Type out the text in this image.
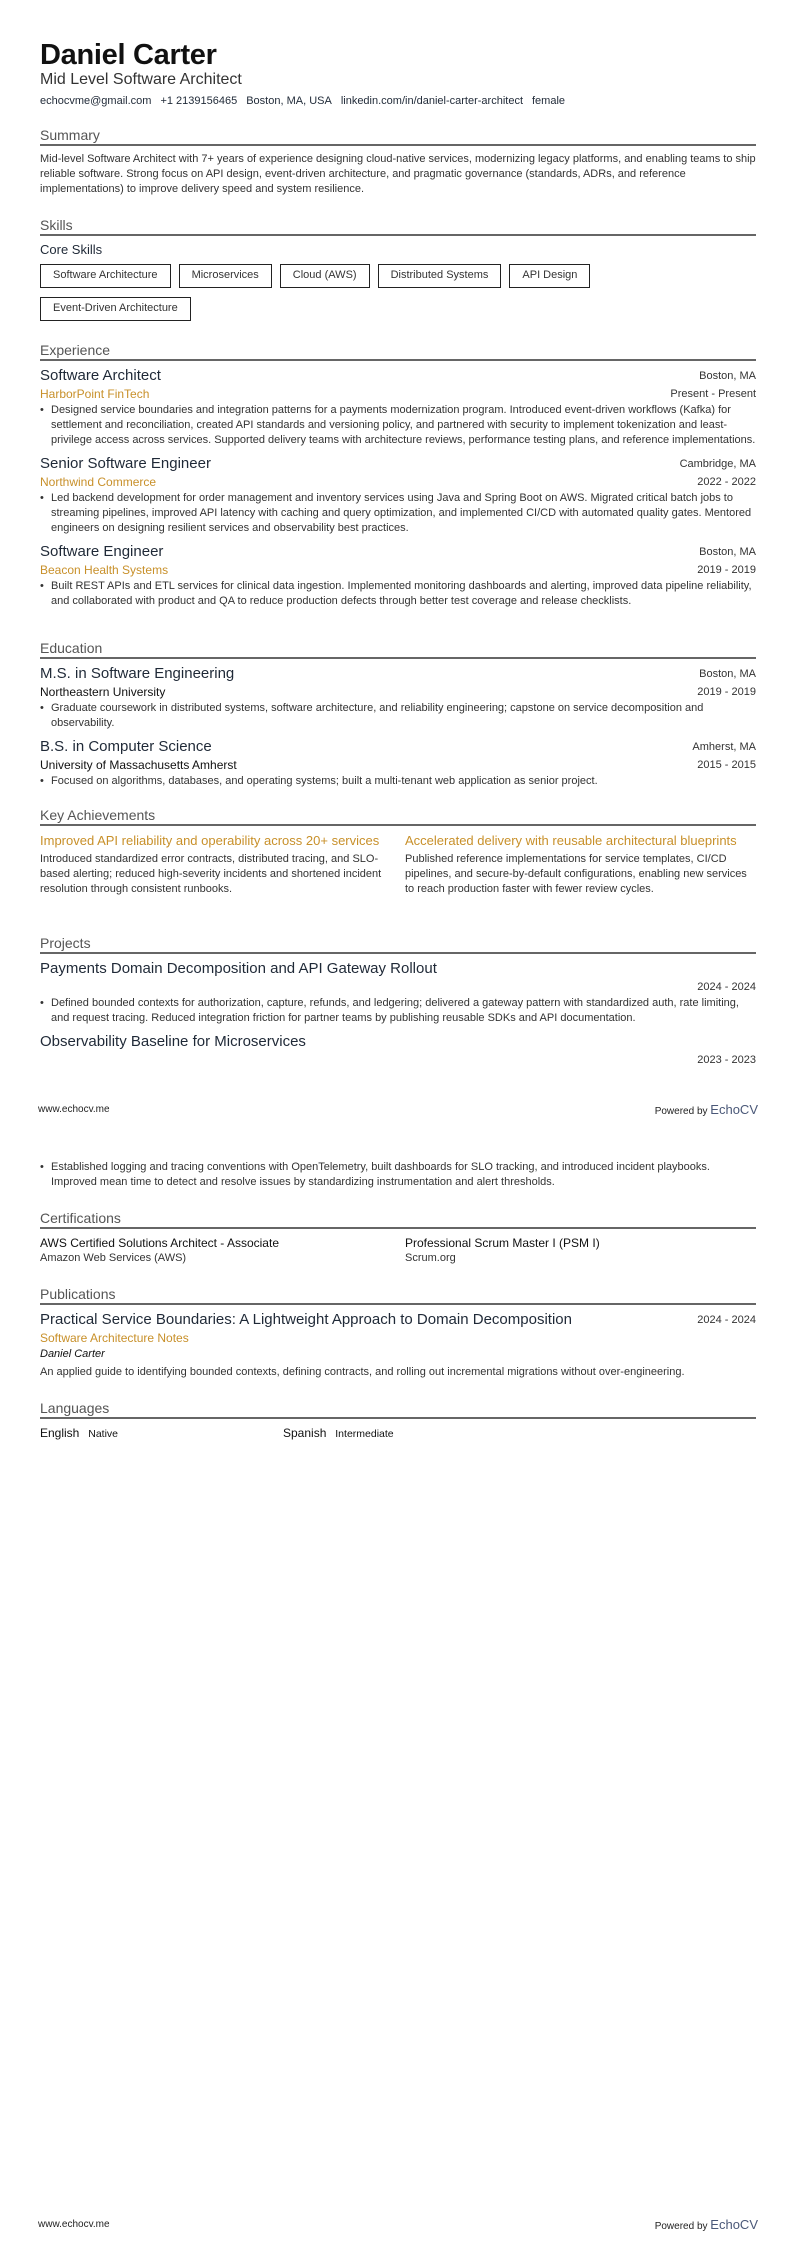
Daniel Carter
Mid Level Software Architect
echocvme@gmail.com +1 2139156465 Boston, MA, USA linkedin.com/in/daniel-carter-architect female
Summary
Mid-level Software Architect with 7+ years of experience designing cloud-native services, modernizing legacy platforms, and enabling teams to ship reliable software. Strong focus on API design, event-driven architecture, and pragmatic governance (standards, ADRs, and reference implementations) to improve delivery speed and system resilience.
Skills
Core Skills
Software Architecture	Microservices	Cloud (AWS)	Distributed Systems	API Design
Event-Driven Architecture
Experience
Software Architect	Boston, MA
HarborPoint FinTech	Present - Present
• Designed service boundaries and integration patterns for a payments modernization program. Introduced event-driven workflows (Kafka) for settlement and reconciliation, created API standards and versioning policy, and partnered with security to implement tokenization and least-privilege access across services. Supported delivery teams with architecture reviews, performance testing plans, and reference implementations.
Senior Software Engineer	Cambridge, MA
Northwind Commerce	2022 - 2022
• Led backend development for order management and inventory services using Java and Spring Boot on AWS. Migrated critical batch jobs to streaming pipelines, improved API latency with caching and query optimization, and implemented CI/CD with automated quality gates. Mentored engineers on designing resilient services and observability best practices.
Software Engineer	Boston, MA
Beacon Health Systems	2019 - 2019
• Built REST APIs and ETL services for clinical data ingestion. Implemented monitoring dashboards and alerting, improved data pipeline reliability, and collaborated with product and QA to reduce production defects through better test coverage and release checklists.
Education
M.S. in Software Engineering	Boston, MA
Northeastern University	2019 - 2019
• Graduate coursework in distributed systems, software architecture, and reliability engineering; capstone on service decomposition and observability.
B.S. in Computer Science	Amherst, MA
University of Massachusetts Amherst	2015 - 2015
• Focused on algorithms, databases, and operating systems; built a multi-tenant web application as senior project.
Key Achievements
Improved API reliability and operability across 20+ services
Introduced standardized error contracts, distributed tracing, and SLO-based alerting; reduced high-severity incidents and shortened incident resolution through consistent runbooks.
Accelerated delivery with reusable architectural blueprints
Published reference implementations for service templates, CI/CD pipelines, and secure-by-default configurations, enabling new services to reach production faster with fewer review cycles.
Projects
Payments Domain Decomposition and API Gateway Rollout
2024 - 2024
• Defined bounded contexts for authorization, capture, refunds, and ledgering; delivered a gateway pattern with standardized auth, rate limiting, and request tracing. Reduced integration friction for partner teams by publishing reusable SDKs and API documentation.
Observability Baseline for Microservices
2023 - 2023
www.echocv.me	Powered by EchoCV
• Established logging and tracing conventions with OpenTelemetry, built dashboards for SLO tracking, and introduced incident playbooks. Improved mean time to detect and resolve issues by standardizing instrumentation and alert thresholds.
Certifications
AWS Certified Solutions Architect - Associate
Amazon Web Services (AWS)
Professional Scrum Master I (PSM I)
Scrum.org
Publications
Practical Service Boundaries: A Lightweight Approach to Domain Decomposition	2024 - 2024
Software Architecture Notes
Daniel Carter
An applied guide to identifying bounded contexts, defining contracts, and rolling out incremental migrations without over-engineering.
Languages
English Native	Spanish Intermediate
www.echocv.me	Powered by EchoCV
